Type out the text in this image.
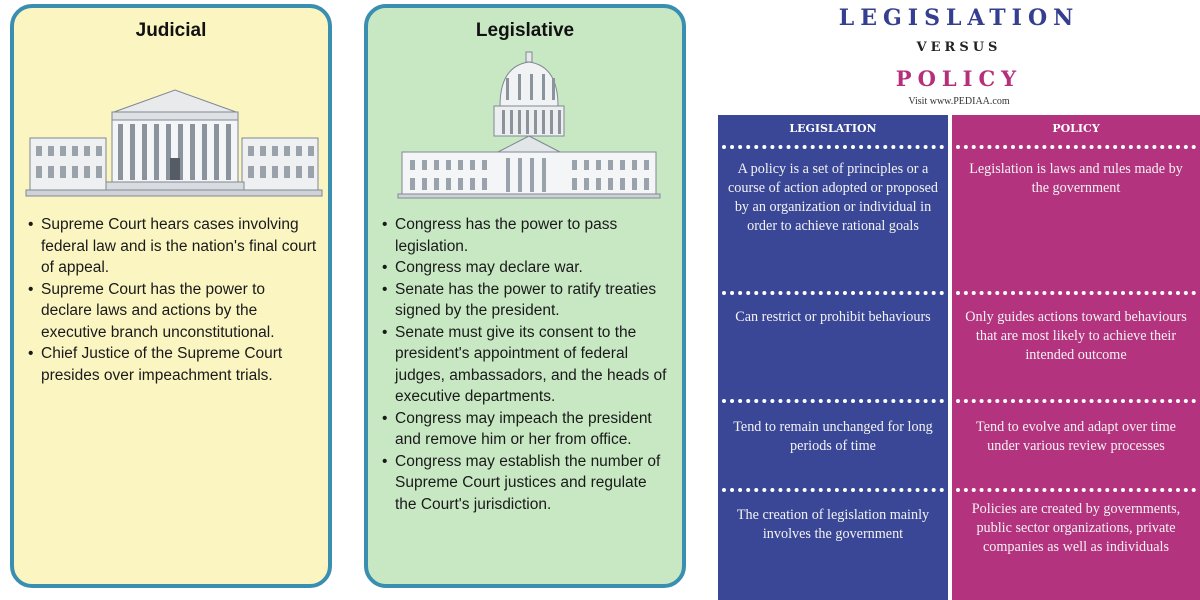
Judicial
• Supreme Court hears cases involving federal law and is the nation's final court of appeal.
• Supreme Court has the power to declare laws and actions by the executive branch unconstitutional.
• Chief Justice of the Supreme Court presides over impeachment trials.
Legislative
• Congress has the power to pass legislation.
• Congress may declare war.
• Senate has the power to ratify treaties signed by the president.
• Senate must give its consent to the president's appointment of federal judges, ambassadors, and the heads of executive departments.
• Congress may impeach the president and remove him or her from office.
• Congress may establish the number of Supreme Court justices and regulate the Court's jurisdiction.
LEGISLATION
VERSUS
POLICY
Visit www.PEDIAA.com
LEGISLATION	POLICY
A policy is a set of principles or a course of action adopted or proposed by an organization or individual in order to achieve rational goals
Legislation is laws and rules made by the government
Can restrict or prohibit behaviours	Only guides actions toward behaviours that are most likely to achieve their intended outcome
Tend to remain unchanged for long periods of time
Tend to evolve and adapt over time under various review processes
The creation of legislation mainly involves the government
Policies are created by governments, public sector organizations, private companies as well as individuals
